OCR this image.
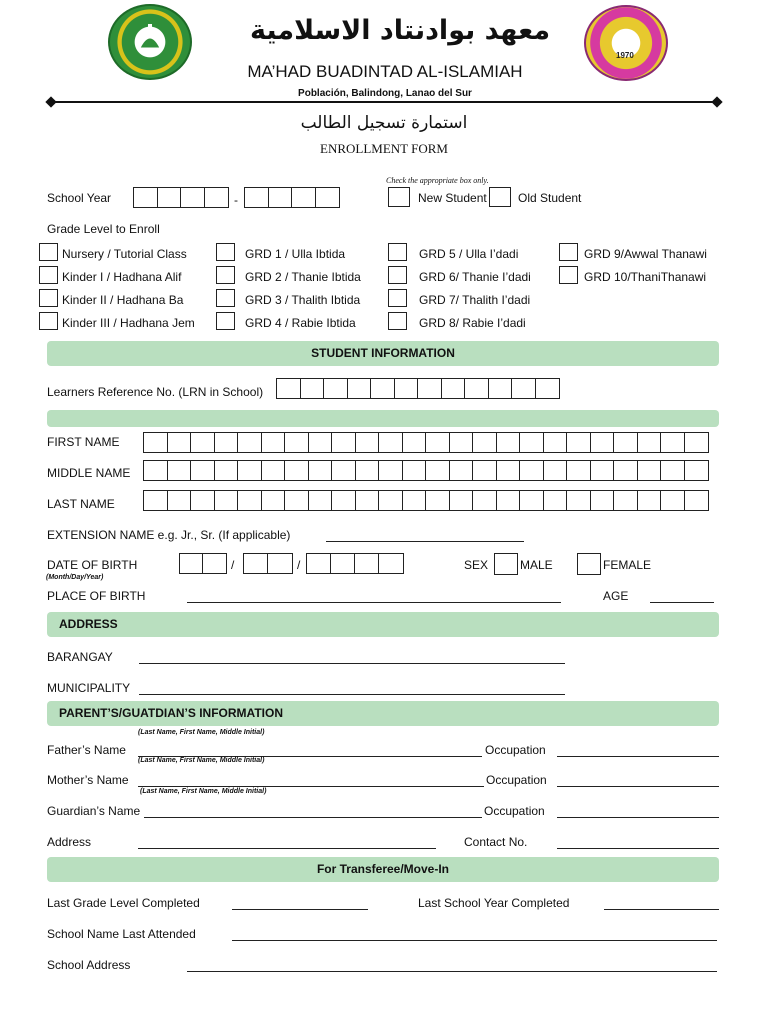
1970
معهد بوادنتاد الاسلامية
MA’HAD BUADINTAD AL-ISLAMIAH
Población, Balindong, Lanao del Sur
استمارة تسجيل الطالب
ENROLLMENT FORM
School Year	-
Check the appropriate box only.
New Student	Old Student
Grade Level to Enroll
Nursery / Tutorial Class
Kinder I / Hadhana Alif
Kinder II / Hadhana Ba
Kinder III / Hadhana Jem
GRD 1 / Ulla Ibtida
GRD 2 / Thanie Ibtida
GRD 3 / Thalith Ibtida
GRD 4 / Rabie Ibtida
GRD 5 / Ulla I’dadi
GRD 6/ Thanie I’dadi
GRD 7/ Thalith I’dadi
GRD 8/ Rabie I’dadi
GRD 9/Awwal Thanawi
GRD 10/ThaniThanawi
STUDENT INFORMATION
Learners Reference No. (LRN in School)
FIRST NAME
MIDDLE NAME
LAST NAME
EXTENSION NAME e.g. Jr., Sr. (If applicable)
DATE OF BIRTH
(Month/Day/Year)
/	/	SEX	MALE	FEMALE
PLACE OF BIRTH	AGE
ADDRESS
BARANGAY
MUNICIPALITY
PARENT’S/GUATDIAN’S INFORMATION
(Last Name, First Name, Middle Initial)
Father’s Name	Occupation
(Last Name, First Name, Middle Initial)
Mother’s Name	Occupation
(Last Name, First Name, Middle Initial)
Guardian’s Name	Occupation
Address	Contact No.
For Transferee/Move-In
Last Grade Level Completed	Last School Year Completed
School Name Last Attended
School Address
